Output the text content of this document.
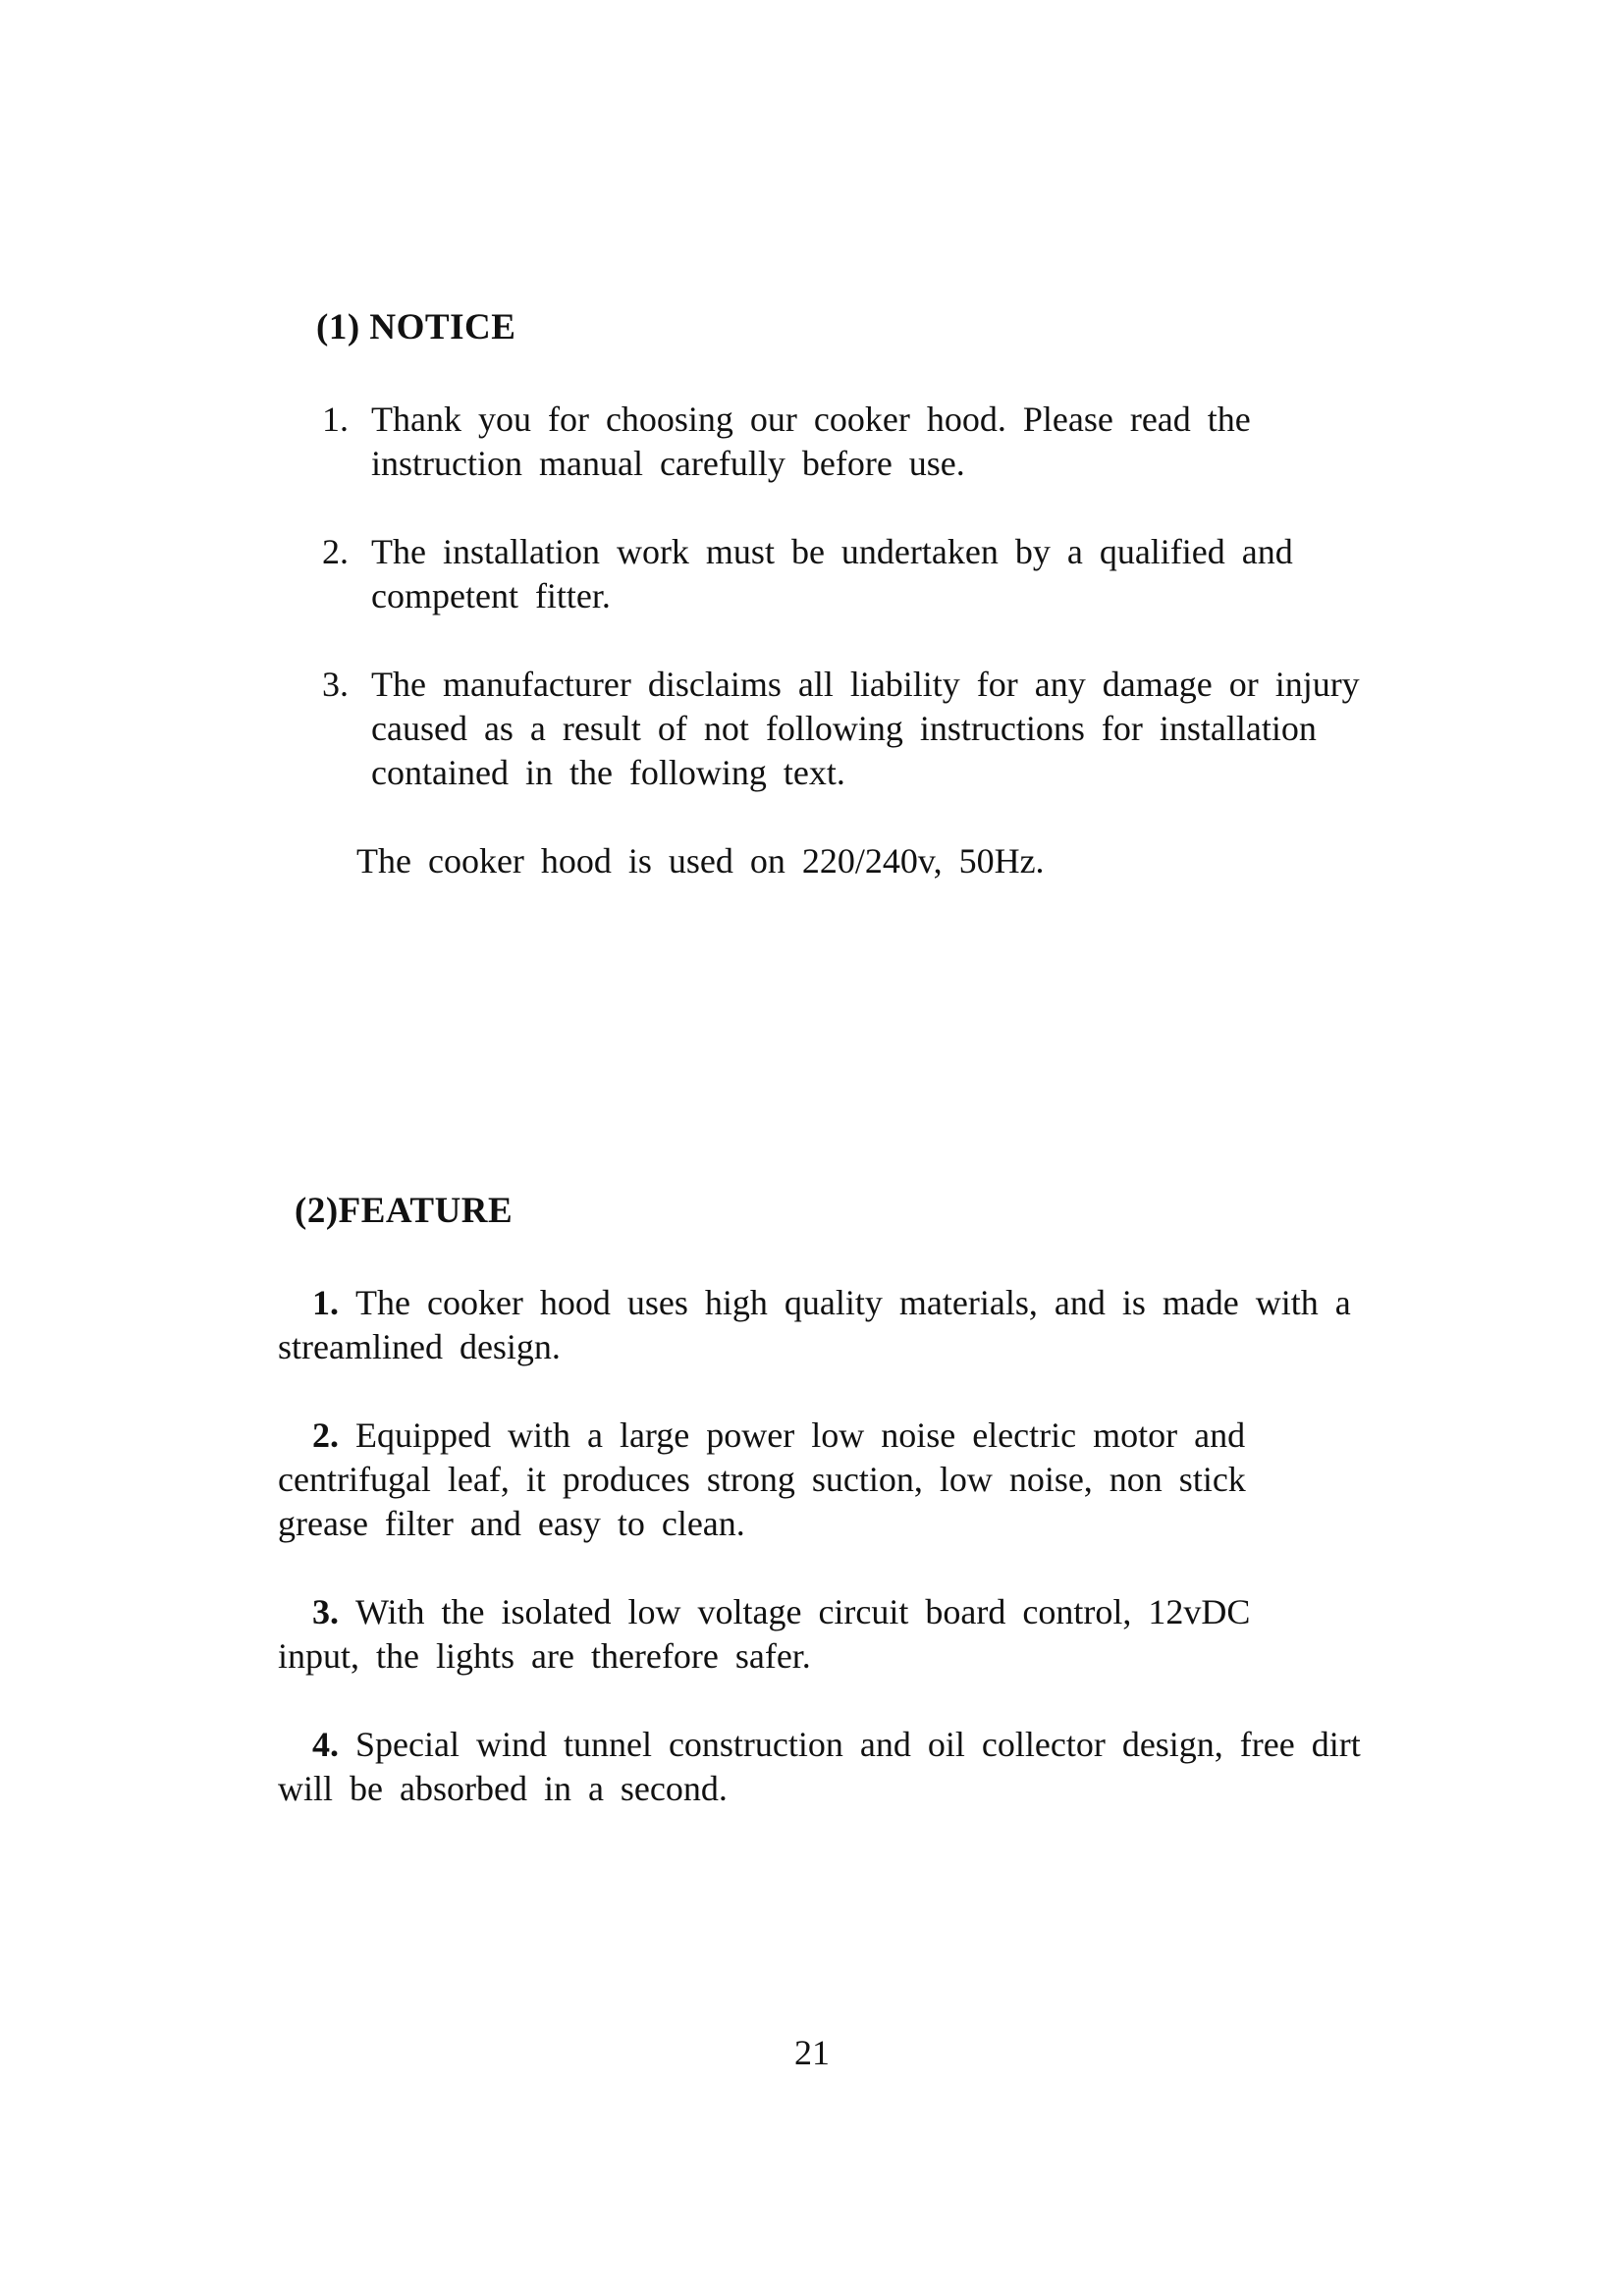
(1) NOTICE
1. Thank you for choosing our cooker hood. Please read the instruction manual carefully before use.
2. The installation work must be undertaken by a qualified and competent fitter.
3. The manufacturer disclaims all liability for any damage or injury caused as a result of not following instructions for installation contained in the following text.
The cooker hood is used on 220/240v, 50Hz.
(2)FEATURE
1. The cooker hood uses high quality materials, and is made with a streamlined design.
2. Equipped with a large power low noise electric motor and centrifugal leaf, it produces strong suction, low noise, non stick grease filter and easy to clean.
3. With the isolated low voltage circuit board control, 12vDC input, the lights are therefore safer.
4. Special wind tunnel construction and oil collector design, free dirt will be absorbed in a second.
21
